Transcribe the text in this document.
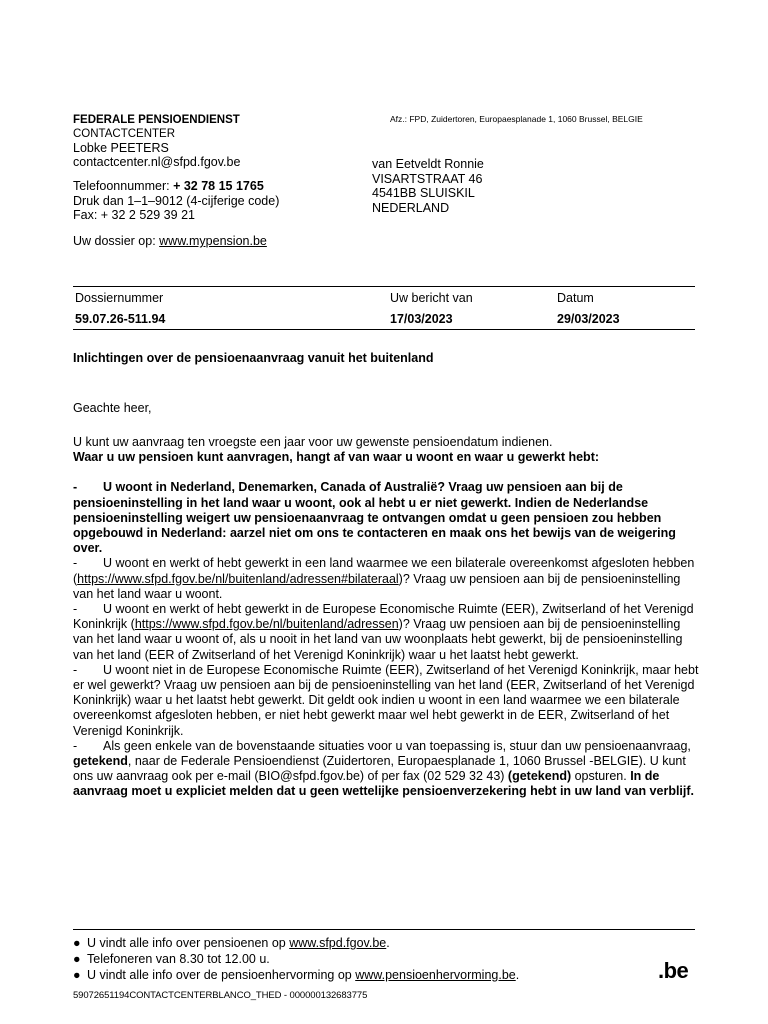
FEDERALE PENSIOENDIENST
CONTACTCENTER
Lobke PEETERS
contactcenter.nl@sfpd.fgov.be
Telefoonnummer: + 32 78 15 1765
Druk dan 1–1–9012 (4-cijferige code)
Fax: + 32 2 529 39 21
Uw dossier op: www.mypension.be
Afz.: FPD, Zuidertoren, Europaesplanade 1, 1060 Brussel, BELGIE
van Eetveldt Ronnie
VISARTSTRAAT 46
4541BB SLUISKIL
NEDERLAND
Dossiernummer
59.07.26-511.94
Uw bericht van
17/03/2023
Datum
29/03/2023
Inlichtingen over de pensioenaanvraag vanuit het buitenland
Geachte heer,

U kunt uw aanvraag ten vroegste een jaar voor uw gewenste pensioendatum indienen.

Waar u uw pensioen kunt aanvragen, hangt af van waar u woont en waar u gewerkt hebt:

- U woont in Nederland, Denemarken, Canada of Australië? Vraag uw pensioen aan bij de pensioeninstelling in het land waar u woont, ook al hebt u er niet gewerkt. Indien de Nederlandse pensioeninstelling weigert uw pensioenaanvraag te ontvangen omdat u geen pensioen zou hebben opgebouwd in Nederland: aarzel niet om ons te contacteren en maak ons het bewijs van de weigering over.

- U woont en werkt of hebt gewerkt in een land waarmee we een bilaterale overeenkomst afgesloten hebben (https://www.sfpd.fgov.be/nl/buitenland/adressen#bilateraal)? Vraag uw pensioen aan bij de pensioeninstelling van het land waar u woont.

- U woont en werkt of hebt gewerkt in de Europese Economische Ruimte (EER), Zwitserland of het Verenigd Koninkrijk (https://www.sfpd.fgov.be/nl/buitenland/adressen)? Vraag uw pensioen aan bij de pensioeninstelling van het land waar u woont of, als u nooit in het land van uw woonplaats hebt gewerkt, bij de pensioeninstelling van het land (EER of Zwitserland of het Verenigd Koninkrijk) waar u het laatst hebt gewerkt.

- U woont niet in de Europese Economische Ruimte (EER), Zwitserland of het Verenigd Koninkrijk, maar hebt er wel gewerkt? Vraag uw pensioen aan bij de pensioeninstelling van het land (EER, Zwitserland of het Verenigd Koninkrijk) waar u het laatst hebt gewerkt. Dit geldt ook indien u woont in een land waarmee we een bilaterale overeenkomst afgesloten hebben, er niet hebt gewerkt maar wel hebt gewerkt in de EER, Zwitserland of het Verenigd Koninkrijk.

- Als geen enkele van de bovenstaande situaties voor u van toepassing is, stuur dan uw pensioenaanvraag, getekend, naar de Federale Pensioendienst (Zuidertoren, Europaesplanade 1, 1060 Brussel -BELGIE). U kunt ons uw aanvraag ook per e-mail (BIO@sfpd.fgov.be) of per fax (02 529 32 43) (getekend) opsturen. In de aanvraag moet u expliciet melden dat u geen wettelijke pensioenverzekering hebt in uw land van verblijf.

● U vindt alle info over pensioenen op www.sfpd.fgov.be.
● Telefoneren van 8.30 tot 12.00 u.
● U vindt alle info over de pensioenhervorming op www.pensioenhervorming.be.	.be
59072651194CONTACTCENTERBLANCO_THED - 000000132683775
